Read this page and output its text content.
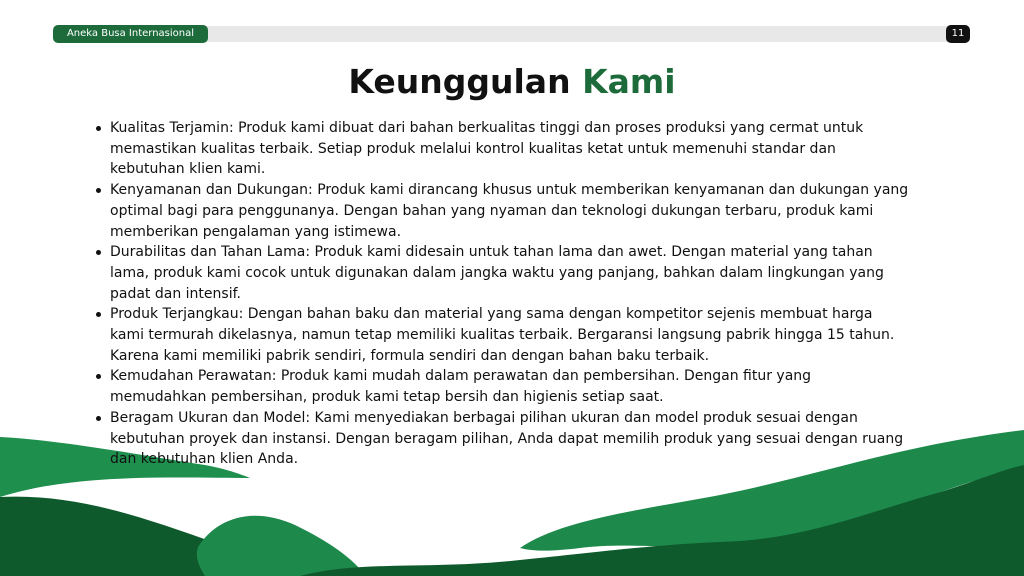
Aneka Busa Internasional	11
Keunggulan Kami
Kualitas Terjamin: Produk kami dibuat dari bahan berkualitas tinggi dan proses produksi yang cermat untuk memastikan kualitas terbaik. Setiap produk melalui kontrol kualitas ketat untuk memenuhi standar dan kebutuhan klien kami.
Kenyamanan dan Dukungan: Produk kami dirancang khusus untuk memberikan kenyamanan dan dukungan yang optimal bagi para penggunanya. Dengan bahan yang nyaman dan teknologi dukungan terbaru, produk kami memberikan pengalaman yang istimewa.
Durabilitas dan Tahan Lama: Produk kami didesain untuk tahan lama dan awet. Dengan material yang tahan lama, produk kami cocok untuk digunakan dalam jangka waktu yang panjang, bahkan dalam lingkungan yang padat dan intensif.
Produk Terjangkau: Dengan bahan baku dan material yang sama dengan kompetitor sejenis membuat harga kami termurah dikelasnya, namun tetap memiliki kualitas terbaik. Bergaransi langsung pabrik hingga 15 tahun. Karena kami memiliki pabrik sendiri, formula sendiri dan dengan bahan baku terbaik.
Kemudahan Perawatan: Produk kami mudah dalam perawatan dan pembersihan. Dengan fitur yang memudahkan pembersihan, produk kami tetap bersih dan higienis setiap saat.
Beragam Ukuran dan Model: Kami menyediakan berbagai pilihan ukuran dan model produk sesuai dengan kebutuhan proyek dan instansi. Dengan beragam pilihan, Anda dapat memilih produk yang sesuai dengan ruang dan kebutuhan klien Anda.
